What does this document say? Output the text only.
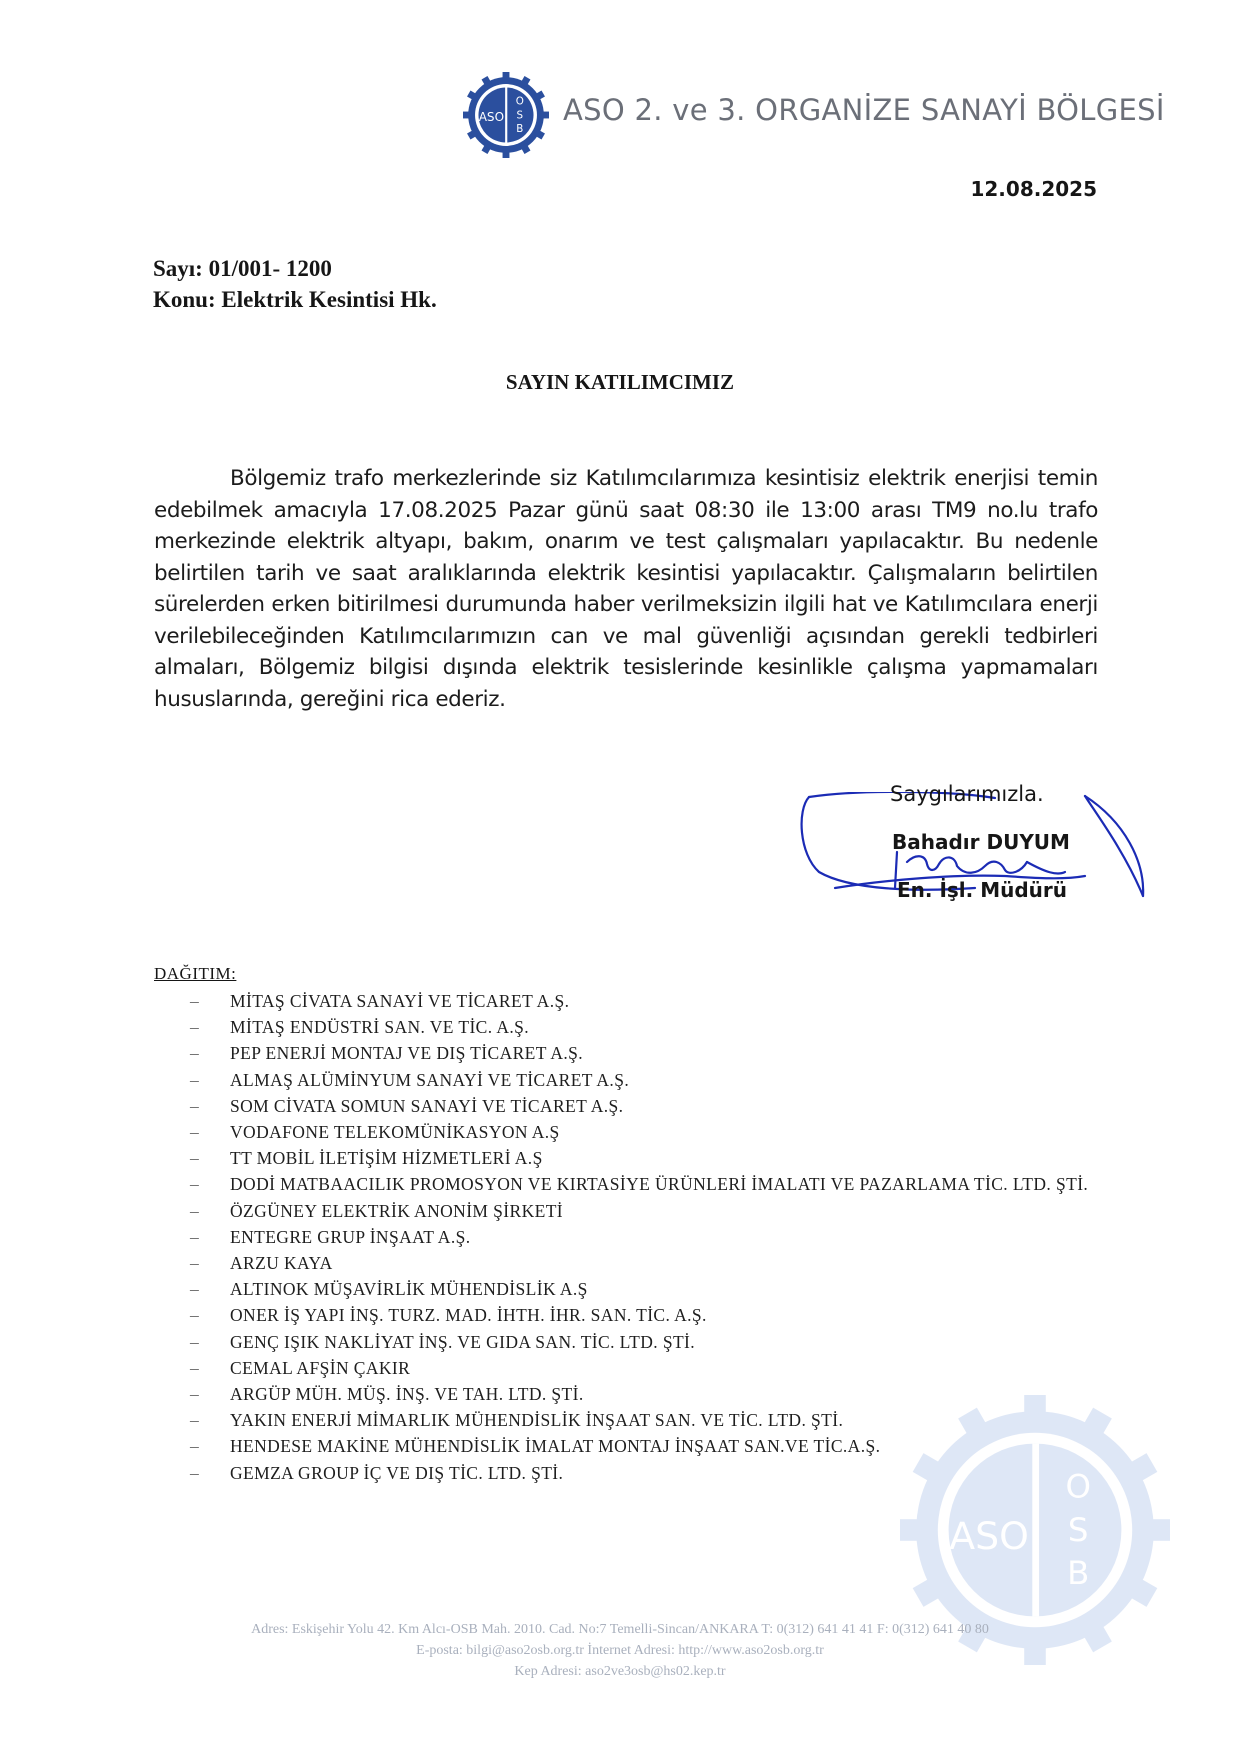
ASO
O
S
B
ASO 2. ve 3. ORGANİZE SANAYİ BÖLGESİ
12.08.2025
Sayı: 01/001- 1200
Konu: Elektrik Kesintisi Hk.
SAYIN KATILIMCIMIZ
Bölgemiz trafo merkezlerinde siz Katılımcılarımıza kesintisiz elektrik enerjisi temin edebilmek amacıyla 17.08.2025 Pazar günü saat 08:30 ile 13:00 arası TM9 no.lu trafo merkezinde elektrik altyapı, bakım, onarım ve test çalışmaları yapılacaktır. Bu nedenle belirtilen tarih ve saat aralıklarında elektrik kesintisi yapılacaktır. Çalışmaların belirtilen sürelerden erken bitirilmesi durumunda haber verilmeksizin ilgili hat ve Katılımcılara enerji verilebileceğinden Katılımcılarımızın can ve mal güvenliği açısından gerekli tedbirleri almaları, Bölgemiz bilgisi dışında elektrik tesislerinde kesinlikle çalışma yapmamaları hususlarında, gereğini rica ederiz.
Saygılarımızla.
Bahadır DUYUM
En. İşl. Müdürü
DAĞITIM:
– MİTAŞ CİVATA SANAYİ VE TİCARET A.Ş.
– MİTAŞ ENDÜSTRİ SAN. VE TİC. A.Ş.
– PEP ENERJİ MONTAJ VE DIŞ TİCARET A.Ş.
– ALMAŞ ALÜMİNYUM SANAYİ VE TİCARET A.Ş.
– SOM CİVATA SOMUN SANAYİ VE TİCARET A.Ş.
– VODAFONE TELEKOMÜNİKASYON A.Ş
– TT MOBİL İLETİŞİM HİZMETLERİ A.Ş
– DODİ MATBAACILIK PROMOSYON VE KIRTASİYE ÜRÜNLERİ İMALATI VE PAZARLAMA TİC. LTD. ŞTİ.
– ÖZGÜNEY ELEKTRİK ANONİM ŞİRKETİ
– ENTEGRE GRUP İNŞAAT A.Ş.
– ARZU KAYA
– ALTINOK MÜŞAVİRLİK MÜHENDİSLİK A.Ş
– ONER İŞ YAPI İNŞ. TURZ. MAD. İHTH. İHR. SAN. TİC. A.Ş.
– GENÇ IŞIK NAKLİYAT İNŞ. VE GIDA SAN. TİC. LTD. ŞTİ.
– CEMAL AFŞİN ÇAKIR
– ARGÜP MÜH. MÜŞ. İNŞ. VE TAH. LTD. ŞTİ.
– YAKIN ENERJİ MİMARLIK MÜHENDİSLİK İNŞAAT SAN. VE TİC. LTD. ŞTİ.
– HENDESE MAKİNE MÜHENDİSLİK İMALAT MONTAJ İNŞAAT SAN.VE TİC.A.Ş.
– GEMZA GROUP İÇ VE DIŞ TİC. LTD. ŞTİ.
ASO
O
S
B
Adres: Eskişehir Yolu 42. Km Alcı-OSB Mah. 2010. Cad. No:7 Temelli-Sincan/ANKARA T: 0(312) 641 41 41 F: 0(312) 641 40 80
E-posta: bilgi@aso2osb.org.tr İnternet Adresi: http://www.aso2osb.org.tr
Kep Adresi: aso2ve3osb@hs02.kep.tr
